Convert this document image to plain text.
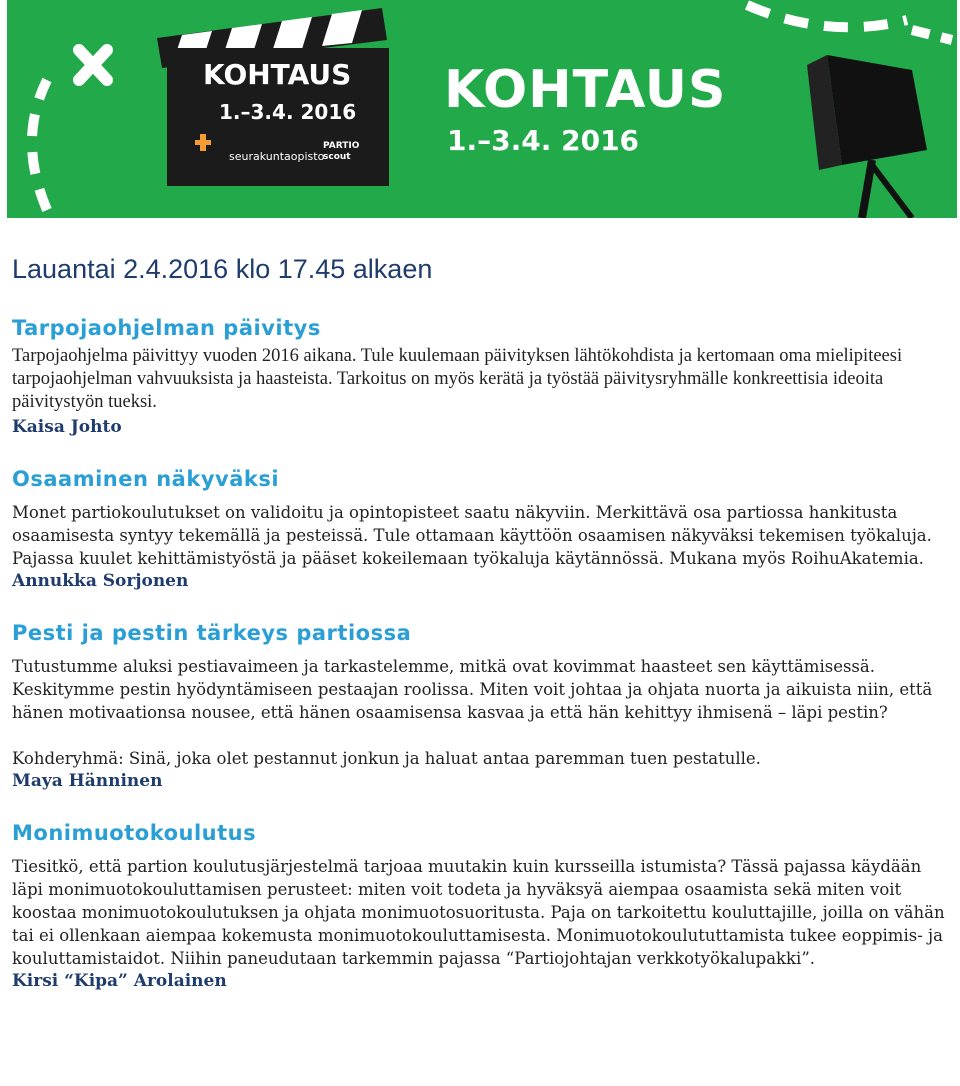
KOHTAUS
1.–3.4. 2016
seurakuntaopisto
PARTIO
scout
KOHTAUS
1.–3.4. 2016
Lauantai 2.4.2016 klo 17.45 alkaen
Tarpojaohjelman päivitys

Tarpojaohjelma päivittyy vuoden 2016 aikana. Tule kuulemaan päivityksen lähtökohdista ja kertomaan oma mielipiteesi tarpojaohjelman vahvuuksista ja haasteista. Tarkoitus on myös kerätä ja työstää päivitysryhmälle konkreettisia ideoita päivitystyön tueksi.

Kaisa Johto

Osaaminen näkyväksi

Monet partiokoulutukset on validoitu ja opintopisteet saatu näkyviin. Merkittävä osa partiossa hankitusta osaamisesta syntyy tekemällä ja pesteissä. Tule ottamaan käyttöön osaamisen näkyväksi tekemisen työkaluja. Pajassa kuulet kehittämistyöstä ja pääset kokeilemaan työkaluja käytännössä. Mukana myös RoihuAkatemia.

Annukka Sorjonen

Pesti ja pestin tärkeys partiossa

Tutustumme aluksi pestiavaimeen ja tarkastelemme, mitkä ovat kovimmat haasteet sen käyttämisessä. Keskitymme pestin hyödyntämiseen pestaajan roolissa. Miten voit johtaa ja ohjata nuorta ja aikuista niin, että hänen motivaationsa nousee, että hänen osaamisensa kasvaa ja että hän kehittyy ihmisenä – läpi pestin?

Kohderyhmä: Sinä, joka olet pestannut jonkun ja haluat antaa paremman tuen pestatulle.

Maya Hänninen

Monimuotokoulutus

Tiesitkö, että partion koulutusjärjestelmä tarjoaa muutakin kuin kursseilla istumista? Tässä pajassa käydään läpi monimuotokouluttamisen perusteet: miten voit todeta ja hyväksyä aiempaa osaamista sekä miten voit koostaa monimuotokoulutuksen ja ohjata monimuotosuoritusta. Paja on tarkoitettu kouluttajille, joilla on vähän tai ei ollenkaan aiempaa kokemusta monimuotokouluttamisesta. Monimuotokoulututtamista tukee eoppimis- ja kouluttamistaidot. Niihin paneudutaan tarkemmin pajassa “Partiojohtajan verkkotyökalupakki”.

Kirsi “Kipa” Arolainen
